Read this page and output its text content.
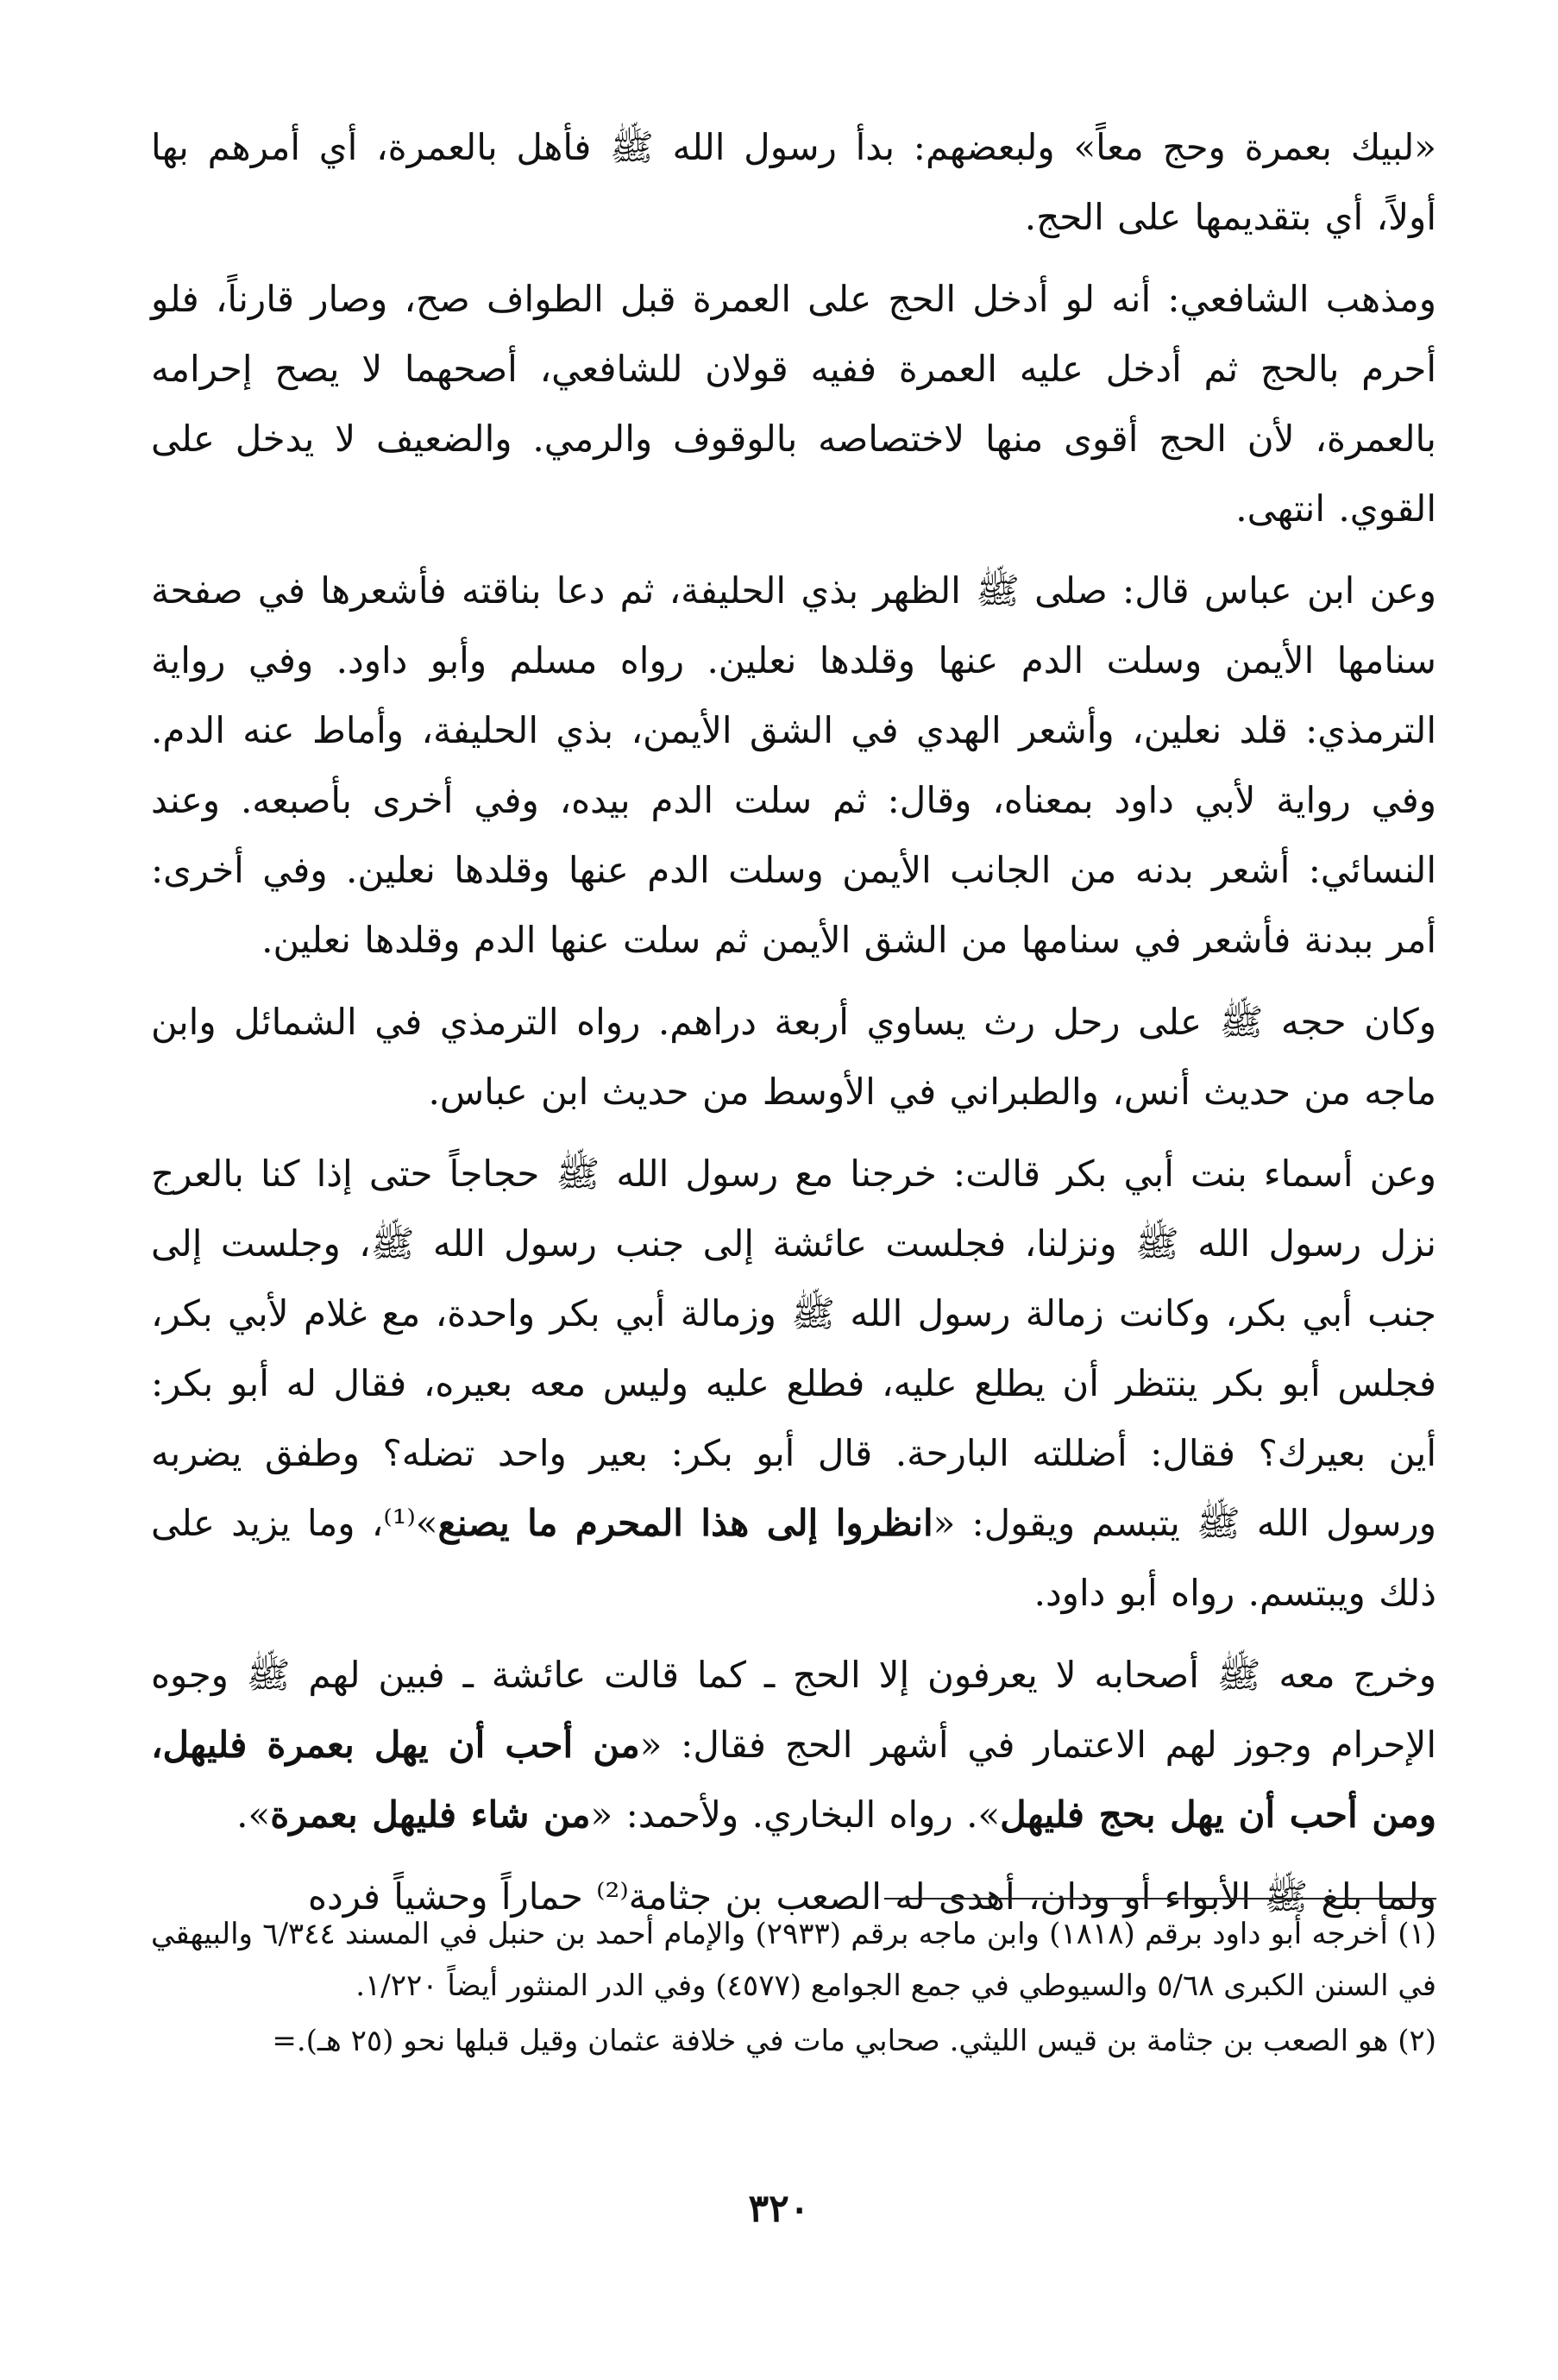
«لبيك بعمرة وحج معاً» ولبعضهم: بدأ رسول الله ﷺ فأهل بالعمرة، أي أمرهم بها أولاً، أي بتقديمها على الحج.

ومذهب الشافعي: أنه لو أدخل الحج على العمرة قبل الطواف صح، وصار قارناً، فلو أحرم بالحج ثم أدخل عليه العمرة ففيه قولان للشافعي، أصحهما لا يصح إحرامه بالعمرة، لأن الحج أقوى منها لاختصاصه بالوقوف والرمي. والضعيف لا يدخل على القوي. انتهى.

وعن ابن عباس قال: صلى ﷺ الظهر بذي الحليفة، ثم دعا بناقته فأشعرها في صفحة سنامها الأيمن وسلت الدم عنها وقلدها نعلين. رواه مسلم وأبو داود. وفي رواية الترمذي: قلد نعلين، وأشعر الهدي في الشق الأيمن، بذي الحليفة، وأماط عنه الدم. وفي رواية لأبي داود بمعناه، وقال: ثم سلت الدم بيده، وفي أخرى بأصبعه. وعند النسائي: أشعر بدنه من الجانب الأيمن وسلت الدم عنها وقلدها نعلين. وفي أخرى: أمر ببدنة فأشعر في سنامها من الشق الأيمن ثم سلت عنها الدم وقلدها نعلين.

وكان حجه ﷺ على رحل رث يساوي أربعة دراهم. رواه الترمذي في الشمائل وابن ماجه من حديث أنس، والطبراني في الأوسط من حديث ابن عباس.

وعن أسماء بنت أبي بكر قالت: خرجنا مع رسول الله ﷺ حجاجاً حتى إذا كنا بالعرج نزل رسول الله ﷺ ونزلنا، فجلست عائشة إلى جنب رسول الله ﷺ، وجلست إلى جنب أبي بكر، وكانت زمالة رسول الله ﷺ وزمالة أبي بكر واحدة، مع غلام لأبي بكر، فجلس أبو بكر ينتظر أن يطلع عليه، فطلع عليه وليس معه بعيره، فقال له أبو بكر: أين بعيرك؟ فقال: أضللته البارحة. قال أبو بكر: بعير واحد تضله؟ وطفق يضربه ورسول الله ﷺ يتبسم ويقول: «انظروا إلى هذا المحرم ما يصنع»⁽¹⁾، وما يزيد على ذلك ويبتسم. رواه أبو داود.

وخرج معه ﷺ أصحابه لا يعرفون إلا الحج ـ كما قالت عائشة ـ فبين لهم ﷺ وجوه الإحرام وجوز لهم الاعتمار في أشهر الحج فقال: «من أحب أن يهل بعمرة فليهل، ومن أحب أن يهل بحج فليهل». رواه البخاري. ولأحمد: «من شاء فليهل بعمرة».

ولما بلغ ﷺ الأبواء أو ودان، أهدى له الصعب بن جثامة⁽²⁾ حماراً وحشياً فرده

(١) أخرجه أبو داود برقم (١٨١٨) وابن ماجه برقم (٢٩٣٣) والإمام أحمد بن حنبل في المسند ٦/٣٤٤ والبيهقي في السنن الكبرى ٥/٦٨ والسيوطي في جمع الجوامع (٤٥٧٧) وفي الدر المنثور أيضاً ١/٢٢٠.

(٢) هو الصعب بن جثامة بن قيس الليثي. صحابي مات في خلافة عثمان وقيل قبلها نحو (٢٥ هـ).=

٣٢٠
